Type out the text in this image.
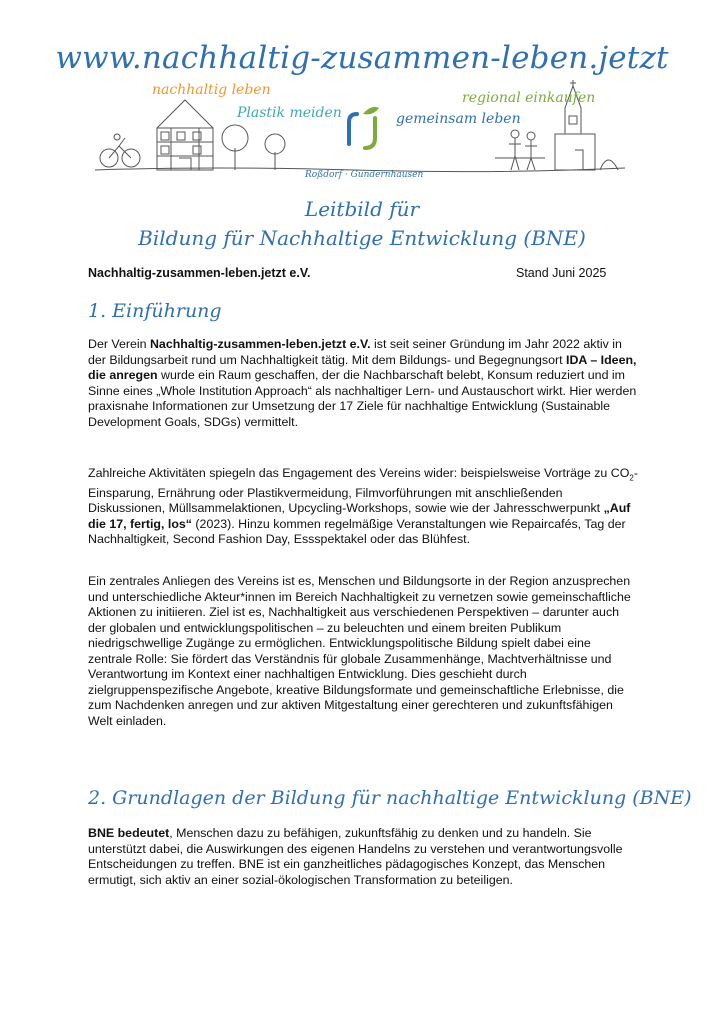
www.nachhaltig-zusammen-leben.jetzt
nachhaltig leben
Plastik meiden
regional einkaufen
gemeinsam leben
Roßdorf · Gundernhausen
Leitbild für
Bildung für Nachhaltige Entwicklung (BNE)
Nachhaltig-zusammen-leben.jetzt e.V.	Stand Juni 2025
1. Einführung

Der Verein Nachhaltig-zusammen-leben.jetzt e.V. ist seit seiner Gründung im Jahr 2022 aktiv in der Bildungsarbeit rund um Nachhaltigkeit tätig. Mit dem Bildungs- und Begegnungsort IDA – Ideen, die anregen wurde ein Raum geschaffen, der die Nachbarschaft belebt, Konsum reduziert und im Sinne eines „Whole Institution Approach“ als nachhaltiger Lern- und Austauschort wirkt. Hier werden praxisnahe Informationen zur Umsetzung der 17 Ziele für nachhaltige Entwicklung (Sustainable Development Goals, SDGs) vermittelt.

Zahlreiche Aktivitäten spiegeln das Engagement des Vereins wider: beispielsweise Vorträge zu $CO_2$-Einsparung, Ernährung oder Plastikvermeidung, Filmvorführungen mit anschließenden Diskussionen, Müllsammelaktionen, Upcycling-Workshops, sowie wie der Jahresschwerpunkt „Auf die 17, fertig, los“ (2023). Hinzu kommen regelmäßige Veranstaltungen wie Repaircafés, Tag der Nachhaltigkeit, Second Fashion Day, Essspektakel oder das Blühfest.

Ein zentrales Anliegen des Vereins ist es, Menschen und Bildungsorte in der Region anzusprechen und unterschiedliche Akteur*innen im Bereich Nachhaltigkeit zu vernetzen sowie gemeinschaftliche Aktionen zu initiieren. Ziel ist es, Nachhaltigkeit aus verschiedenen Perspektiven – darunter auch der globalen und entwicklungspolitischen – zu beleuchten und einem breiten Publikum niedrigschwellige Zugänge zu ermöglichen. Entwicklungspolitische Bildung spielt dabei eine zentrale Rolle: Sie fördert das Verständnis für globale Zusammenhänge, Machtverhältnisse und Verantwortung im Kontext einer nachhaltigen Entwicklung. Dies geschieht durch zielgruppenspezifische Angebote, kreative Bildungsformate und gemeinschaftliche Erlebnisse, die zum Nachdenken anregen und zur aktiven Mitgestaltung einer gerechteren und zukunftsfähigen Welt einladen.

2. Grundlagen der Bildung für nachhaltige Entwicklung (BNE)

BNE bedeutet, Menschen dazu zu befähigen, zukunftsfähig zu denken und zu handeln. Sie unterstützt dabei, die Auswirkungen des eigenen Handelns zu verstehen und verantwortungsvolle Entscheidungen zu treffen. BNE ist ein ganzheitliches pädagogisches Konzept, das Menschen ermutigt, sich aktiv an einer sozial-ökologischen Transformation zu beteiligen.
